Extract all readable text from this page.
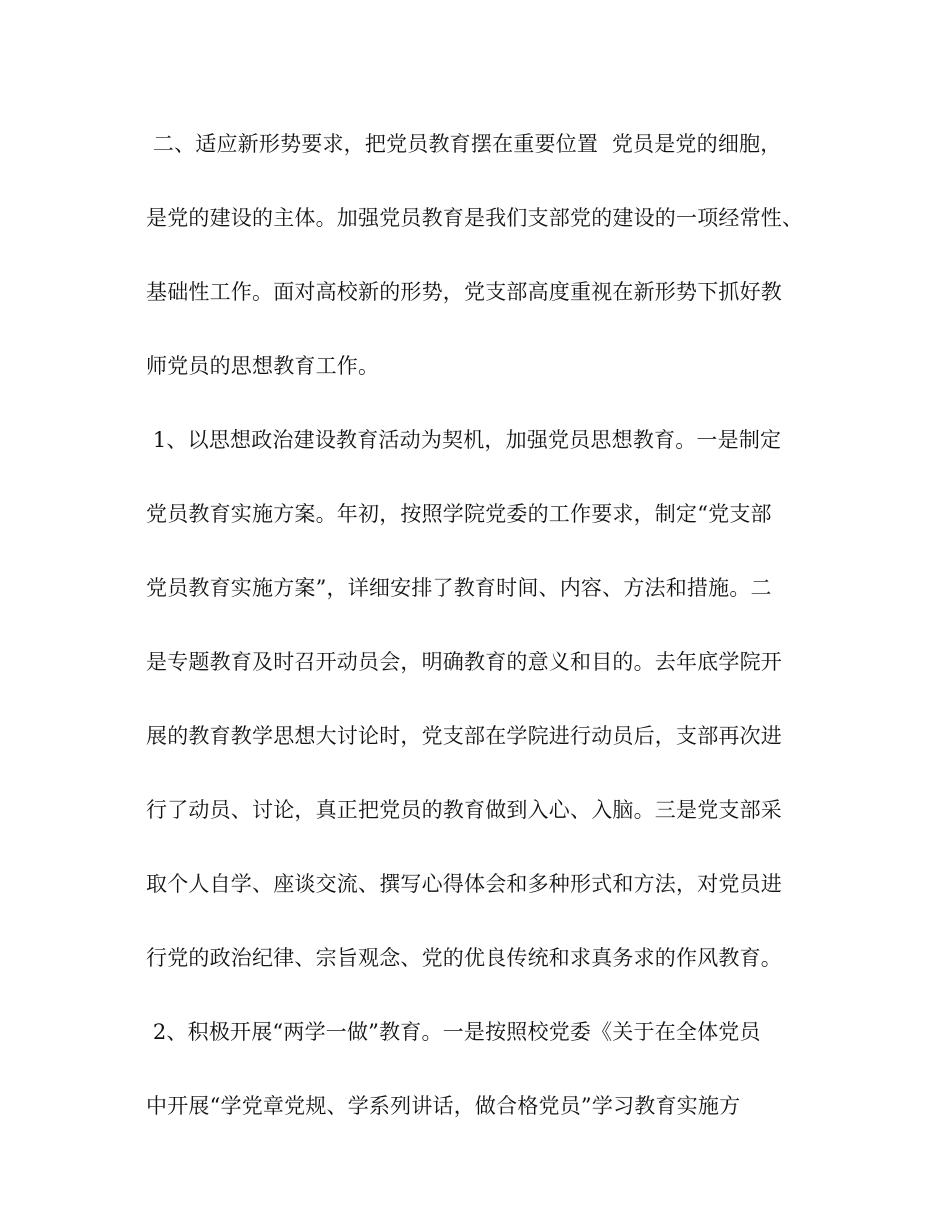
二、适应新形势要求，把党员教育摆在重要位置  党员是党的细胞，
是党的建设的主体。加强党员教育是我们支部党的建设的一项经常性、
基础性工作。面对高校新的形势，党支部高度重视在新形势下抓好教
师党员的思想教育工作。
1、以思想政治建设教育活动为契机，加强党员思想教育。一是制定
党员教育实施方案。年初，按照学院党委的工作要求，制定“党支部
党员教育实施方案”，详细安排了教育时间、内容、方法和措施。二
是专题教育及时召开动员会，明确教育的意义和目的。去年底学院开
展的教育教学思想大讨论时，党支部在学院进行动员后，支部再次进
行了动员、讨论，真正把党员的教育做到入心、入脑。三是党支部采
取个人自学、座谈交流、撰写心得体会和多种形式和方法，对党员进
行党的政治纪律、宗旨观念、党的优良传统和求真务求的作风教育。
2、积极开展“两学一做”教育。一是按照校党委《关于在全体党员
中开展“学党章党规、学系列讲话，做合格党员”学习教育实施方
